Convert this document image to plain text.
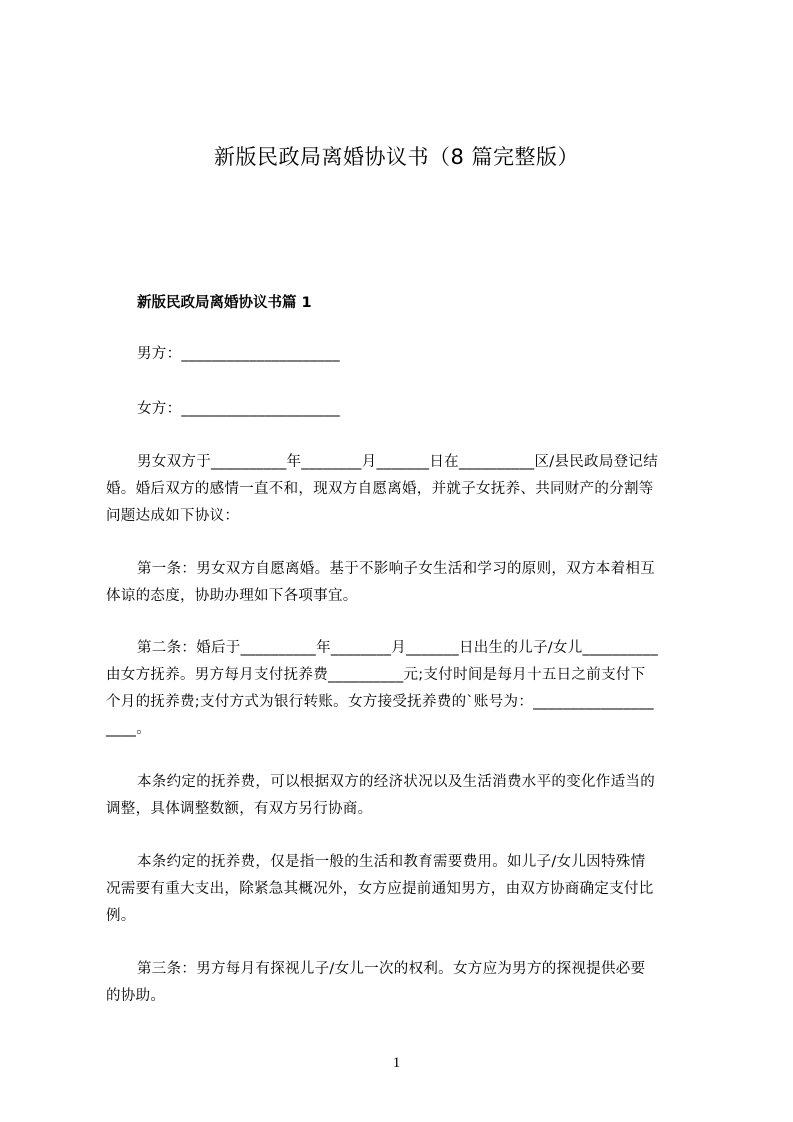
新版民政局离婚协议书（8 篇完整版）
新版民政局离婚协议书篇 1
男方：_____________________
女方：_____________________
男女双方于__________年________月_______日在__________区/县民政局登记结
婚。婚后双方的感情一直不和，现双方自愿离婚，并就子女抚养、共同财产的分割等
问题达成如下协议：
第一条：男女双方自愿离婚。基于不影响子女生活和学习的原则，双方本着相互
体谅的态度，协助办理如下各项事宜。
第二条：婚后于__________年________月_______日出生的儿子/女儿__________
由女方抚养。男方每月支付抚养费__________元;支付时间是每月十五日之前支付下
个月的抚养费;支付方式为银行转账。女方接受抚养费的`账号为：________________
____。
本条约定的抚养费，可以根据双方的经济状况以及生活消费水平的变化作适当的
调整，具体调整数额，有双方另行协商。
本条约定的抚养费，仅是指一般的生活和教育需要费用。如儿子/女儿因特殊情
况需要有重大支出，除紧急其概况外，女方应提前通知男方，由双方协商确定支付比
例。
第三条：男方每月有探视儿子/女儿一次的权利。女方应为男方的探视提供必要
的协助。
1
